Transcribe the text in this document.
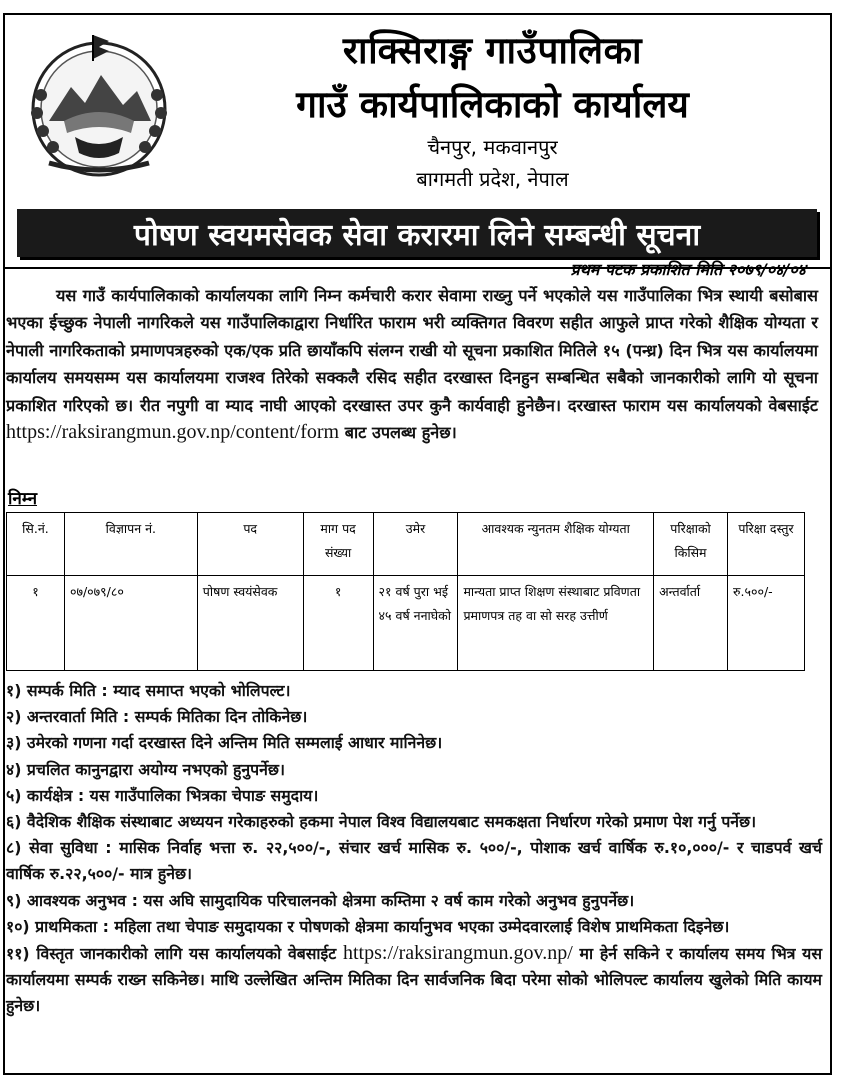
राक्सिराङ्ग गाउँपालिका
गाउँ कार्यपालिकाको कार्यालय
चैनपुर, मकवानपुर
बागमती प्रदेश, नेपाल
पोषण स्वयमसेवक सेवा करारमा लिने सम्बन्धी सूचना
प्रथम पटक प्रकाशित मिति २०७९/०४/०४
यस गाउँ कार्यपालिकाको कार्यालयका लागि निम्न कर्मचारी करार सेवामा राख्नु पर्ने भएकोले यस गाउँपालिका भित्र स्थायी बसोबास भएका ईच्छुक नेपाली नागरिकले यस गाउँपालिकाद्वारा निर्धारित फाराम भरी व्यक्तिगत विवरण सहीत आफुले प्राप्त गरेको शैक्षिक योग्यता र नेपाली नागरिकताको प्रमाणपत्रहरुको एक/एक प्रति छायाँकपि संलग्न राखी यो सूचना प्रकाशित मितिले १५ (पन्ध्र) दिन भित्र यस कार्यालयमा कार्यालय समयसम्म यस कार्यालयमा राजश्व तिरेको सक्कलै रसिद सहीत दरखास्त दिनहुन सम्बन्धित सबैको जानकारीको लागि यो सूचना प्रकाशित गरिएको छ। रीत नपुगी वा म्याद नाघी आएको दरखास्त उपर कुनै कार्यवाही हुनेछैन। दरखास्त फाराम यस कार्यालयको वेबसाईट https://raksirangmun.gov.np/content/form बाट उपलब्ध हुनेछ।
निम्न
सि.नं.	विज्ञापन नं.	पद	माग पद संख्या	उमेर	आवश्यक न्युनतम शैक्षिक योग्यता	परिक्षाको किसिम	परिक्षा दस्तुर
१	०७/०७९/८०	पोषण स्वयंसेवक	१	२१ वर्ष पुरा भई ४५ वर्ष ननाघेको	मान्यता प्राप्त शिक्षण संस्थाबाट प्रविणता प्रमाणपत्र तह वा सो सरह उत्तीर्ण	अन्तर्वार्ता	रु.५००/-

१) सम्पर्क मिति : म्याद समाप्त भएको भोलिपल्ट।

२) अन्तरवार्ता मिति : सम्पर्क मितिका दिन तोकिनेछ।

३) उमेरको गणना गर्दा दरखास्त दिने अन्तिम मिति सम्मलाई आधार मानिनेछ।

४) प्रचलित कानुनद्वारा अयोग्य नभएको हुनुपर्नेछ।

५) कार्यक्षेत्र : यस गाउँपालिका भित्रका चेपाङ समुदाय।

६) वैदेशिक शैक्षिक संस्थाबाट अध्ययन गरेकाहरुको हकमा नेपाल विश्व विद्यालयबाट समकक्षता निर्धारण गरेको प्रमाण पेश गर्नु पर्नेछ।

८) सेवा सुविधा : मासिक निर्वाह भत्ता रु. २२,५००/-, संचार खर्च मासिक रु. ५००/-, पोशाक खर्च वार्षिक रु.१०,०००/- र चाडपर्व खर्च वार्षिक रु.२२,५००/- मात्र हुनेछ।

९) आवश्यक अनुभव : यस अघि सामुदायिक परिचालनको क्षेत्रमा कम्तिमा २ वर्ष काम गरेको अनुभव हुनुपर्नेछ।

१०) प्राथमिकता : महिला तथा चेपाङ समुदायका र पोषणको क्षेत्रमा कार्यानुभव भएका उम्मेदवारलाई विशेष प्राथमिकता दिइनेछ।

११) विस्तृत जानकारीको लागि यस कार्यालयको वेबसाईट https://raksirangmun.gov.np/ मा हेर्न सकिने र कार्यालय समय भित्र यस कार्यालयमा सम्पर्क राख्न सकिनेछ। माथि उल्लेखित अन्तिम मितिका दिन सार्वजनिक बिदा परेमा सोको भोलिपल्ट कार्यालय खुलेको मिति कायम हुनेछ।
